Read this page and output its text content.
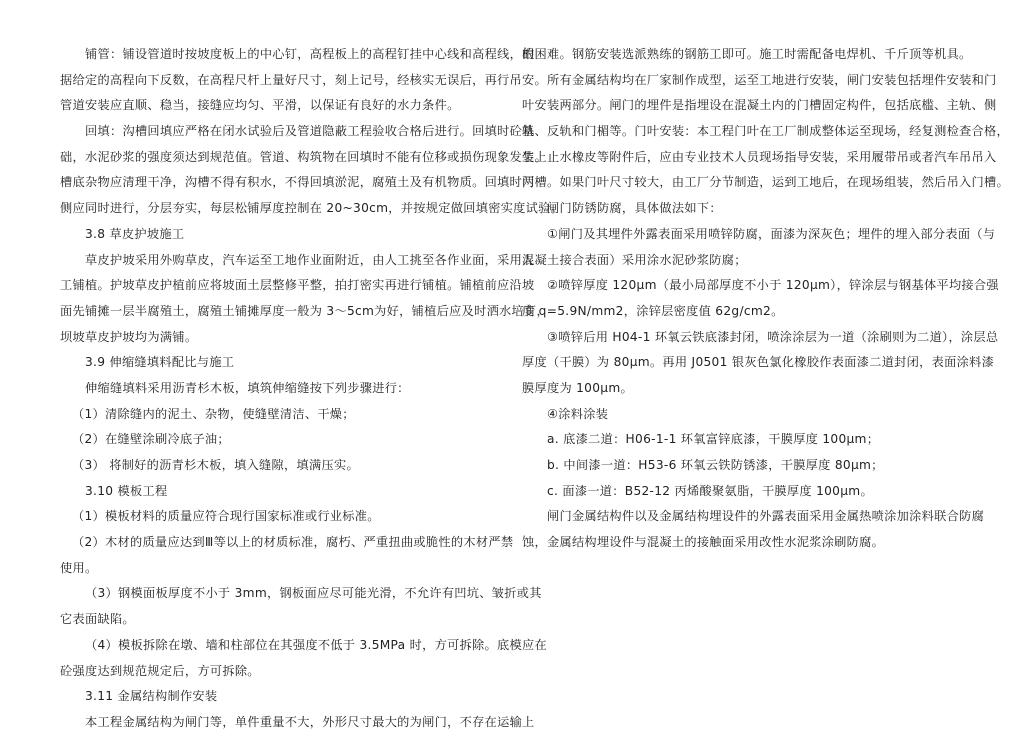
铺管：铺设管道时按坡度板上的中心钉，高程板上的高程钉挂中心线和高程线，根
据给定的高程向下反数，在高程尺杆上量好尺寸，刻上记号，经核实无误后，再行吊安。
管道安装应直顺、稳当，接缝应均匀、平滑，以保证有良好的水力条件。
回填：沟槽回填应严格在闭水试验后及管道隐蔽工程验收合格后进行。回填时砼基
础，水泥砂浆的强度须达到规范值。管道、构筑物在回填时不能有位移或损伤现象发生。
槽底杂物应清理干净，沟槽不得有积水，不得回填淤泥，腐殖土及有机物质。回填时两
侧应同时进行，分层夯实，每层松铺厚度控制在 20~30cm，并按规定做回填密实度试验。
3.8 草皮护坡施工
草皮护坡采用外购草皮，汽车运至工地作业面附近，由人工挑至各作业面，采用人
工铺植。护坡草皮护植前应将坡面土层整修平整，拍打密实再进行铺植。铺植前应沿坡
面先铺摊一层半腐殖土，腐殖土铺摊厚度一般为 3～5cm为好，铺植后应及时洒水培育，
坝坡草皮护坡均为满铺。
3.9 伸缩缝填料配比与施工
伸缩缝填料采用沥青杉木板，填筑伸缩缝按下列步骤进行：
（1）清除缝内的泥土、杂物，使缝壁清洁、干燥；
（2）在缝壁涂刷冷底子油；
（3） 将制好的沥青杉木板，填入缝隙，填满压实。
3.10 模板工程
（1）模板材料的质量应符合现行国家标准或行业标准。
（2）木材的质量应达到Ⅲ等以上的材质标准，腐朽、严重扭曲或脆性的木材严禁
使用。
（3）钢模面板厚度不小于 3mm，钢板面应尽可能光滑，不允许有凹坑、皱折或其
它表面缺陷。
（4）模板拆除在墩、墙和柱部位在其强度不低于 3.5MPa 时，方可拆除。底模应在
砼强度达到规范规定后，方可拆除。
3.11 金属结构制作安装
本工程金属结构为闸门等，单件重量不大，外形尺寸最大的为闸门，不存在运输上
的困难。钢筋安装选派熟练的钢筋工即可。施工时需配备电焊机、千斤顶等机具。
所有金属结构均在厂家制作成型，运至工地进行安装，闸门安装包括埋件安装和门
叶安装两部分。闸门的埋件是指埋设在混凝土内的门槽固定构件，包括底槛、主轨、侧
轨、反轨和门楣等。门叶安装：本工程门叶在工厂制成整体运至现场，经复测检查合格，
装上止水橡皮等附件后，应由专业技术人员现场指导安装，采用履带吊或者汽车吊吊入
门槽。如果门叶尺寸较大，由工厂分节制造，运到工地后，在现场组装，然后吊入门槽。
闸门防锈防腐，具体做法如下：
①闸门及其埋件外露表面采用喷锌防腐，面漆为深灰色；埋件的埋入部分表面（与
混凝土接合表面）采用涂水泥砂浆防腐；
②喷锌厚度 120μm（最小局部厚度不小于 120μm），锌涂层与钢基体平均接合强
度 q=5.9N/mm2，涂锌层密度值 62g/cm2。
③喷锌后用 H04-1 环氧云铁底漆封闭，喷涂涂层为一道（涂刷则为二道），涂层总
厚度（干膜）为 80μm。再用 J0501 银灰色氯化橡胶作表面漆二道封闭，表面涂料漆
膜厚度为 100μm。
④涂料涂装
a. 底漆二道：H06-1-1 环氧富锌底漆，干膜厚度 100μm；
b. 中间漆一道：H53-6 环氧云铁防锈漆，干膜厚度 80μm；
c. 面漆一道：B52-12 丙烯酸聚氨脂，干膜厚度 100μm。
闸门金属结构件以及金属结构埋设件的外露表面采用金属热喷涂加涂料联合防腐
蚀，金属结构埋设件与混凝土的接触面采用改性水泥浆涂刷防腐。
